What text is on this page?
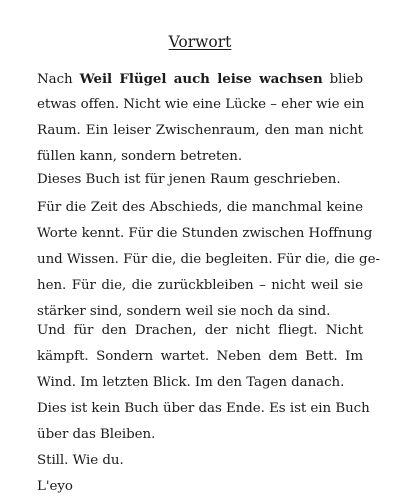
Vorwort
Nach Weil Flügel auch leise wachsen blieb
etwas offen. Nicht wie eine Lücke – eher wie ein
Raum. Ein leiser Zwischenraum, den man nicht
füllen kann, sondern betreten.
Dieses Buch ist für jenen Raum geschrieben.
Für die Zeit des Abschieds, die manchmal keine
Worte kennt. Für die Stunden zwischen Hoffnung
und Wissen. Für die, die begleiten. Für die, die ge-
hen. Für die, die zurückbleiben – nicht weil sie
stärker sind, sondern weil sie noch da sind.
Und für den Drachen, der nicht fliegt. Nicht
kämpft. Sondern wartet. Neben dem Bett. Im
Wind. Im letzten Blick. Im den Tagen danach.
Dies ist kein Buch über das Ende. Es ist ein Buch
über das Bleiben.
Still. Wie du.
L'eyo
